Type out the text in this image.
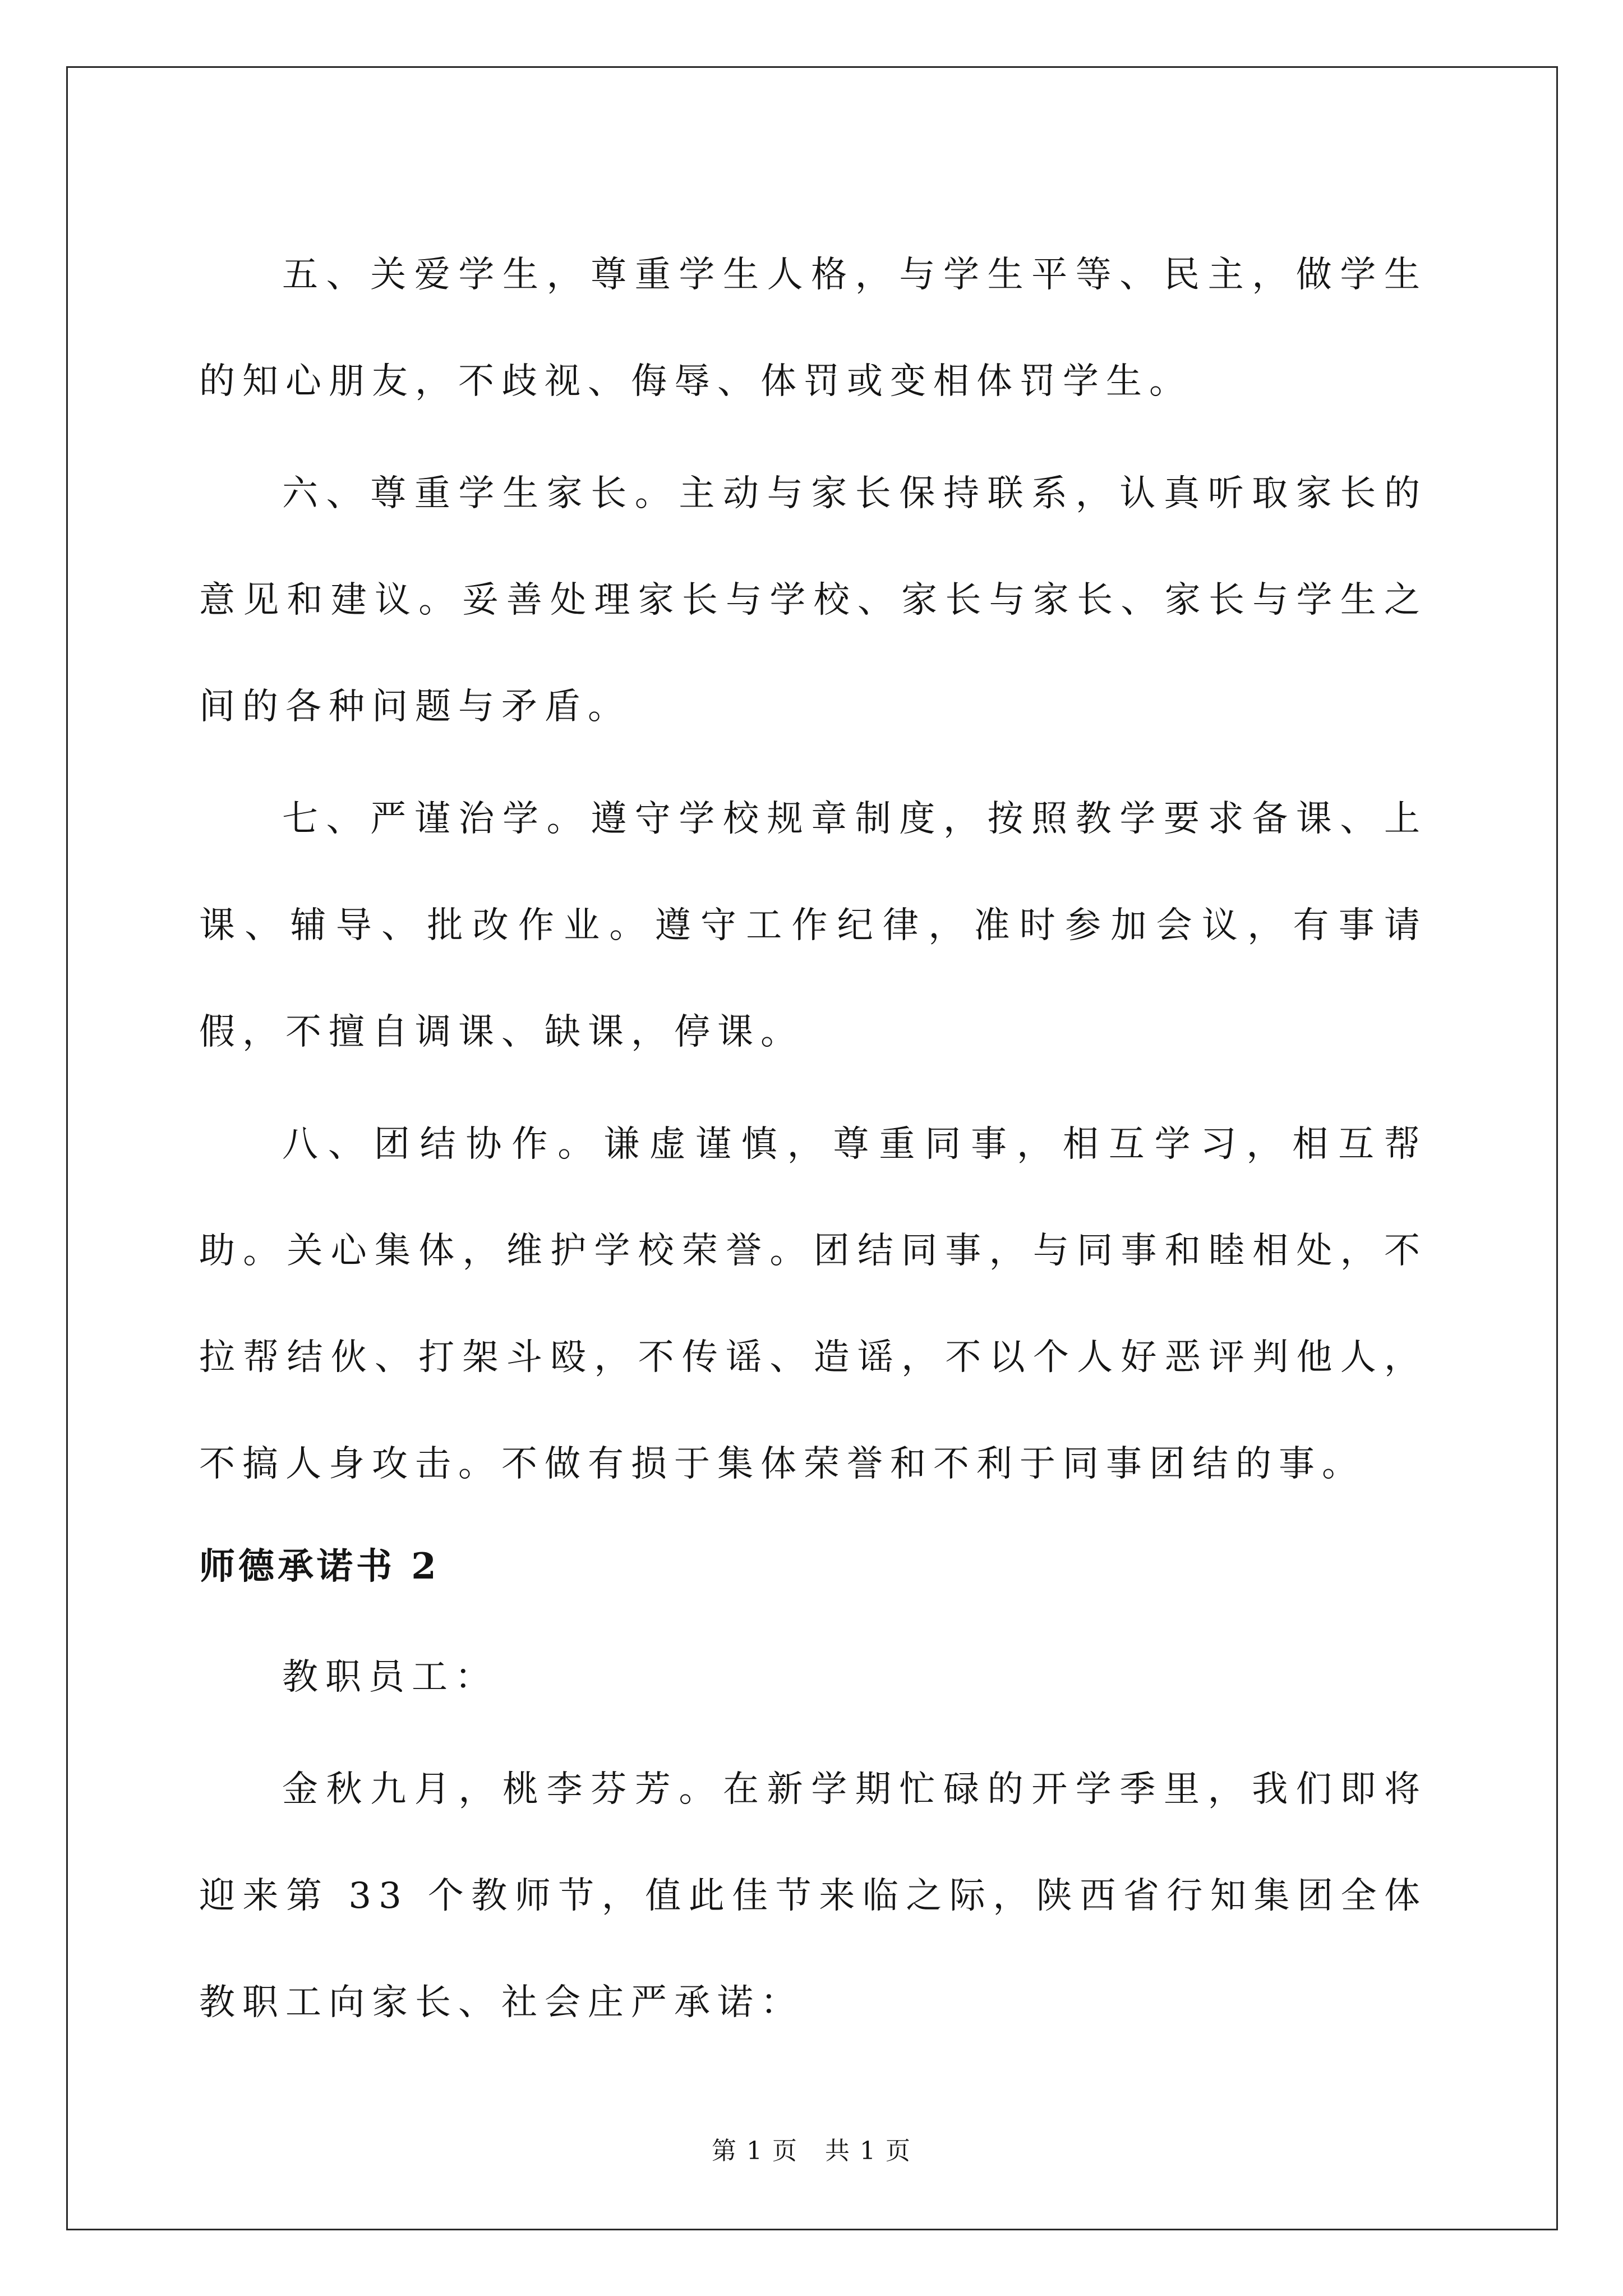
五、关爱学生，尊重学生人格，与学生平等、民主，做学生的知心朋友，不歧视、侮辱、体罚或变相体罚学生。

六、尊重学生家长。主动与家长保持联系，认真听取家长的意见和建议。妥善处理家长与学校、家长与家长、家长与学生之间的各种问题与矛盾。

七、严谨治学。遵守学校规章制度，按照教学要求备课、上课、辅导、批改作业。遵守工作纪律，准时参加会议，有事请假，不擅自调课、缺课，停课。

八、团结协作。谦虚谨慎，尊重同事，相互学习，相互帮助。关心集体，维护学校荣誉。团结同事，与同事和睦相处，不拉帮结伙、打架斗殴，不传谣、造谣，不以个人好恶评判他人，不搞人身攻击。不做有损于集体荣誉和不利于同事团结的事。

师德承诺书 2

教职员工：

金秋九月，桃李芬芳。在新学期忙碌的开学季里，我们即将迎来第 33 个教师节，值此佳节来临之际，陕西省行知集团全体教职工向家长、社会庄严承诺：

第 1 页   共 1 页
